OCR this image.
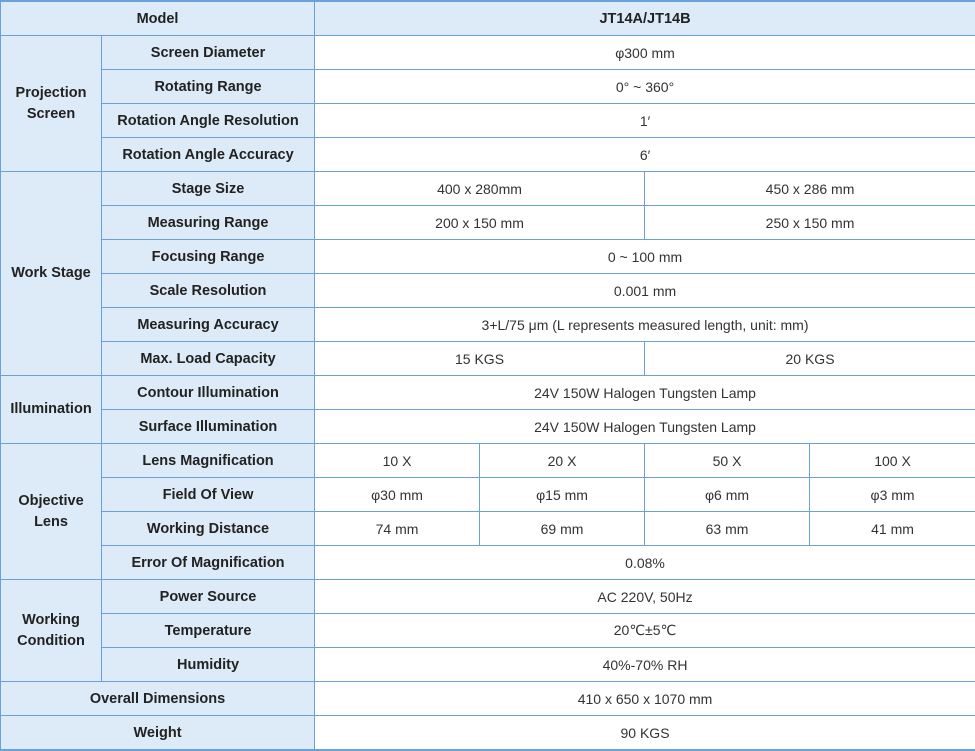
Model		JT14A/JT14B			
Projection Screen	Screen Diameter	φ300 mm			
	Rotating Range	0° ~ 360°			
	Rotation Angle Resolution	1′			
	Rotation Angle Accuracy	6′			
Work Stage	Stage Size	400 x 280mm		450 x 286 mm	
	Measuring Range	200 x 150 mm		250 x 150 mm	
	Focusing Range	0 ~ 100 mm			
	Scale Resolution	0.001 mm			
	Measuring Accuracy	3+L/75 μm (L represents measured length, unit: mm)			
	Max. Load Capacity	15 KGS		20 KGS	
Illumination	Contour Illumination	24V 150W Halogen Tungsten Lamp			
	Surface Illumination	24V 150W Halogen Tungsten Lamp			
Objective Lens	Lens Magnification	10 X	20 X	50 X	100 X
	Field Of View	φ30 mm	φ15 mm	φ6 mm	φ3 mm
	Working Distance	74 mm	69 mm	63 mm	41 mm
	Error Of Magnification	0.08%			
Working Condition	Power Source	AC 220V, 50Hz			
	Temperature	20℃±5℃			
	Humidity	40%-70% RH			
Overall Dimensions		410 x 650 x 1070 mm			
Weight		90 KGS			
